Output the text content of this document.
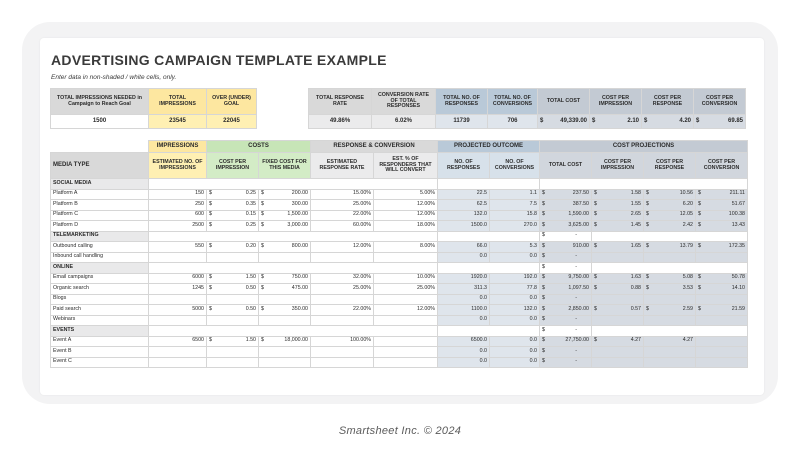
ADVERTISING CAMPAIGN TEMPLATE EXAMPLE
Enter data in non-shaded / white cells, only.
TOTAL IMPRESSIONS NEEDED in Campaign to Reach Goal	TOTAL IMPRESSIONS	OVER (UNDER) GOAL
1500	23545	22045
TOTAL RESPONSE RATE	CONVERSION RATE OF TOTAL RESPONSES	TOTAL NO. OF RESPONSES	TOTAL NO. OF CONVERSIONS	TOTAL COST	COST PER IMPRESSION	COST PER RESPONSE	COST PER CONVERSION
49.86%	6.02%	11739	706	$ 49,339.00	$ 2.10	$ 4.20	$ 69.85
	IMPRESSIONS	COSTS		RESPONSE & CONVERSION		PROJECTED OUTCOME		COST PROJECTIONS			
MEDIA TYPE	ESTIMATED NO. OF IMPRESSIONS	COST PER IMPRESSION	FIXED COST FOR THIS MEDIA	ESTIMATED RESPONSE RATE	EST. % OF RESPONDERS THAT WILL CONVERT	NO. OF RESPONSES	NO. OF CONVERSIONS	TOTAL COST	COST PER IMPRESSION	COST PER RESPONSE	COST PER CONVERSION
SOCIAL MEDIA											
Platform A	150	$ 0.25	$ 200.00	15.00%	5.00%	22.5	1.1	$ 237.50	$ 1.58	$ 10.56	$ 211.11

Platform B	250	$ 0.35	$ 300.00	25.00%	12.00%	62.5	7.5	$ 387.50	$ 1.55	$ 6.20	$ 51.67

Platform C	600	$ 0.15	$ 1,500.00	22.00%	12.00%	132.0	15.8	$ 1,590.00	$ 2.65	$ 12.05	$ 100.38

Platform D	2500	$ 0.25	$ 3,000.00	60.00%	18.00%	1500.0	270.0	$ 3,625.00	$ 1.45	$ 2.42	$ 13.43

TELEMARKETING								$ -			

Outbound calling	550	$ 0.20	$ 800.00	12.00%	8.00%	66.0	5.3	$ 910.00	$ 1.65	$ 13.79	$ 172.35

Inbound call handling						0.0	0.0	$ -			

ONLINE								$ -			

Email campaigns	6000	$ 1.50	$ 750.00	32.00%	10.00%	1920.0	192.0	$ 9,750.00	$ 1.63	$ 5.08	$ 50.78

Organic search	1245	$ 0.50	$ 475.00	25.00%	25.00%	311.3	77.8	$ 1,097.50	$ 0.88	$ 3.53	$ 14.10

Blogs						0.0	0.0	$ -			

Paid search	5000	$ 0.50	$ 350.00	22.00%	12.00%	1100.0	132.0	$ 2,850.00	$ 0.57	$ 2.59	$ 21.59

Webinars						0.0	0.0	$ -			

EVENTS								$ -			

Event A	6500	$ 1.50	$ 18,000.00	100.00%		6500.0	0.0	$ 27,750.00	$ 4.27	4.27	
Event B						0.0	0.0	$ -			

Event C						0.0	0.0	$ -			

Smartsheet Inc. © 2024
